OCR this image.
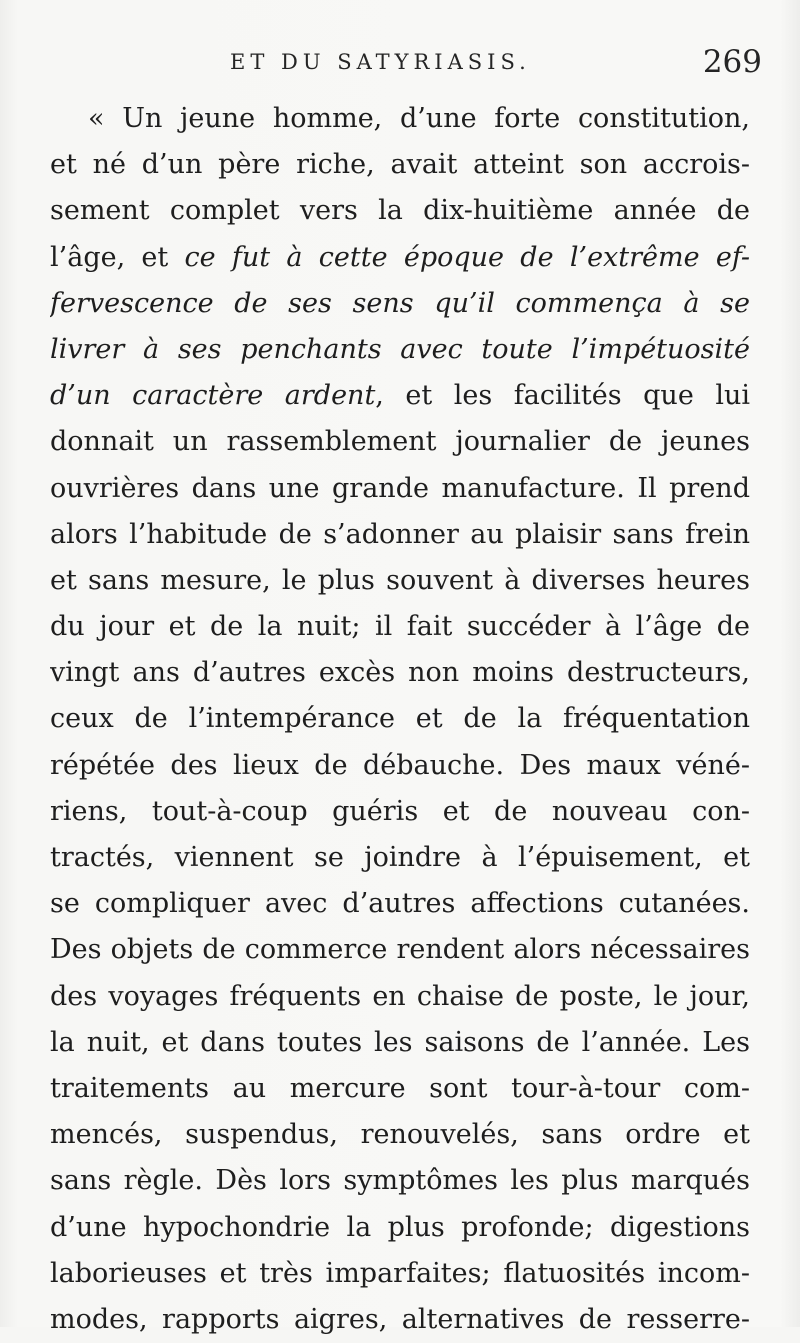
ET DU SATYRIASIS.	269
« Un jeune homme, d’une forte constitution,
et né d’un père riche, avait atteint son accrois-
sement complet vers la dix-huitième année de
l’âge, et ce fut à cette époque de l’extrême ef-
fervescence de ses sens qu’il commença à se
livrer à ses penchants avec toute l’impétuosité
d’un caractère ardent, et les facilités que lui
donnait un rassemblement journalier de jeunes
ouvrières dans une grande manufacture. Il prend
alors l’habitude de s’adonner au plaisir sans frein
et sans mesure, le plus souvent à diverses heures
du jour et de la nuit; il fait succéder à l’âge de
vingt ans d’autres excès non moins destructeurs,
ceux de l’intempérance et de la fréquentation
répétée des lieux de débauche. Des maux véné-
riens, tout-à-coup guéris et de nouveau con-
tractés, viennent se joindre à l’épuisement, et
se compliquer avec d’autres affections cutanées.
Des objets de commerce rendent alors nécessaires
des voyages fréquents en chaise de poste, le jour,
la nuit, et dans toutes les saisons de l’année. Les
traitements au mercure sont tour-à-tour com-
mencés, suspendus, renouvelés, sans ordre et
sans règle. Dès lors symptômes les plus marqués
d’une hypochondrie la plus profonde; digestions
laborieuses et très imparfaites; flatuosités incom-
modes, rapports aigres, alternatives de resserre-
